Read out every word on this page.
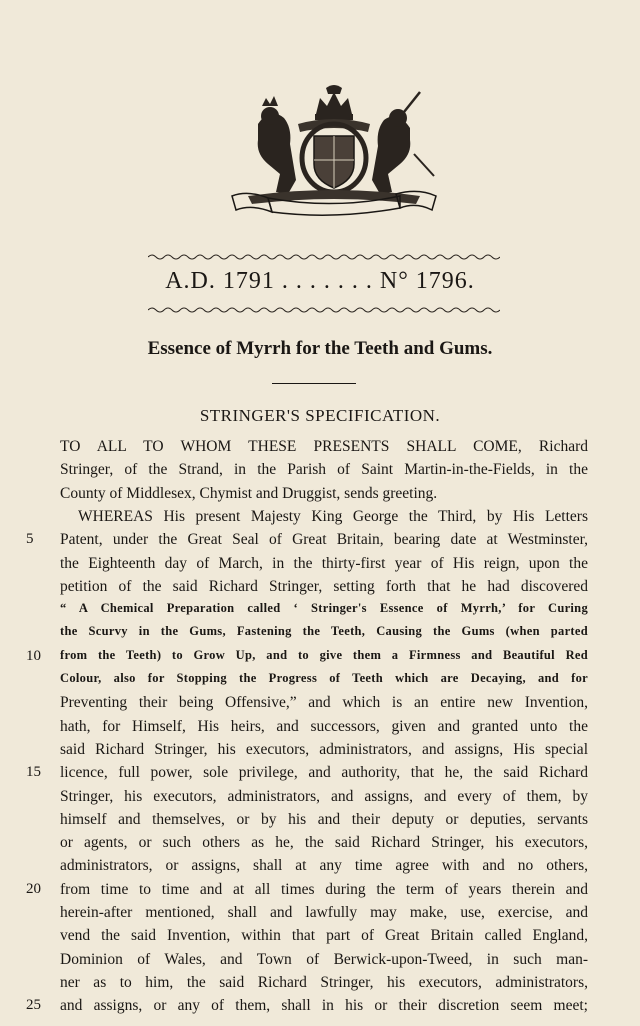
A.D. 1791 . . . . . . . N° 1796.
Essence of Myrrh for the Teeth and Gums.
STRINGER'S SPECIFICATION.
TO ALL TO WHOM THESE PRESENTS SHALL COME, Richard
Stringer, of the Strand, in the Parish of Saint Martin-in-the-Fields, in the
County of Middlesex, Chymist and Druggist, sends greeting.
WHEREAS His present Majesty King George the Third, by His Letters
Patent, under the Great Seal of Great Britain, bearing date at Westminster,
the Eighteenth day of March, in the thirty-first year of His reign, upon the
petition of the said Richard Stringer, setting forth that he had discovered
“ A Chemical Preparation called ‘ Stringer's Essence of Myrrh,’ for Curing
the Scurvy in the Gums, Fastening the Teeth, Causing the Gums (when parted
from the Teeth) to Grow Up, and to give them a Firmness and Beautiful Red
Colour, also for Stopping the Progress of Teeth which are Decaying, and for
Preventing their being Offensive,” and which is an entire new Invention,
hath, for Himself, His heirs, and successors, given and granted unto the
said Richard Stringer, his executors, administrators, and assigns, His special
licence, full power, sole privilege, and authority, that he, the said Richard
Stringer, his executors, administrators, and assigns, and every of them, by
himself and themselves, or by his and their deputy or deputies, servants
or agents, or such others as he, the said Richard Stringer, his executors,
administrators, or assigns, shall at any time agree with and no others,
from time to time and at all times during the term of years therein and
herein-after mentioned, shall and lawfully may make, use, exercise, and
vend the said Invention, within that part of Great Britain called England,
Dominion of Wales, and Town of Berwick-upon-Tweed, in such man-
5
10
15
20
ner as to him, the said Richard Stringer, his executors, administrators,
and assigns, or any of them, shall in his or their discretion seem meet;
25
